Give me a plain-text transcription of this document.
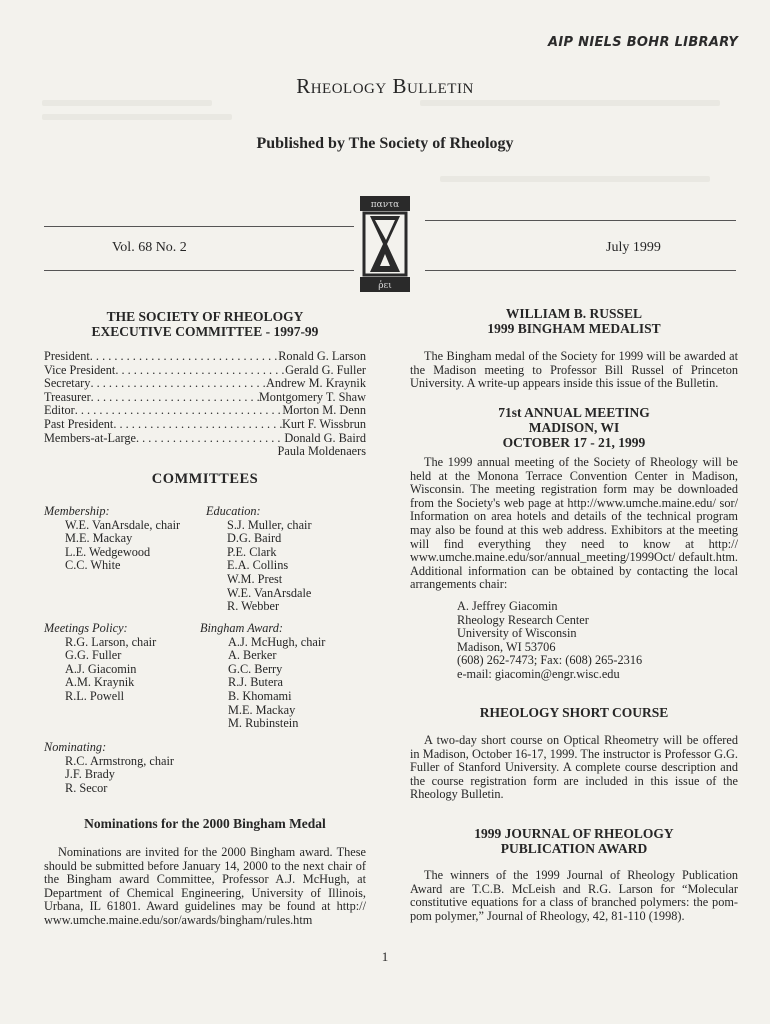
AIP NIELS BOHR LIBRARY
Rheology Bulletin
Published by The Society of Rheology
Vol. 68 No. 2	July 1999
παντα
ῥει
THE SOCIETY OF RHEOLOGY
EXECUTIVE COMMITTEE - 1997-99
President . . .	Ronald G. Larson
Vice President . . .	Gerald G. Fuller
Secretary . . .	Andrew M. Kraynik
Treasurer . . .	Montgomery T. Shaw
Editor . . .	Morton M. Denn
Past President . . .	Kurt F. Wissbrun
Members-at-Large . . .	Donald G. Baird
Paula Moldenaers
COMMITTEES
Membership:
W.E. VanArsdale, chair
M.E. Mackay
L.E. Wedgewood
C.C. White
Education:
S.J. Muller, chair
D.G. Baird
P.E. Clark
E.A. Collins
W.M. Prest
W.E. VanArsdale
R. Webber
Meetings Policy:
R.G. Larson, chair
G.G. Fuller
A.J. Giacomin
A.M. Kraynik
R.L. Powell
Bingham Award:
A.J. McHugh, chair
A. Berker
G.C. Berry
R.J. Butera
B. Khomami
M.E. Mackay
M. Rubinstein
Nominating:
R.C. Armstrong, chair
J.F. Brady
R. Secor
Nominations for the 2000 Bingham Medal
Nominations are invited for the 2000 Bingham award. These should be submitted before January 14, 2000 to the next chair of the Bingham award Committee, Professor A.J. McHugh, at Department of Chemical Engineering, University of Illinois, Urbana, IL 61801. Award guidelines may be found at http:// www.umche.maine.edu/sor/awards/bingham/rules.htm
WILLIAM B. RUSSEL
1999 BINGHAM MEDALIST
The Bingham medal of the Society for 1999 will be awarded at the Madison meeting to Professor Bill Russel of Princeton University. A write-up appears inside this issue of the Bulletin.
71st ANNUAL MEETING
MADISON, WI
OCTOBER 17 - 21, 1999
The 1999 annual meeting of the Society of Rheology will be held at the Monona Terrace Convention Center in Madison, Wisconsin. The meeting registration form may be downloaded from the Society's web page at http://www.umche.maine.edu/ sor/ Information on area hotels and details of the technical program may also be found at this web address. Exhibitors at the meeting will find everything they need to know at http:// www.umche.maine.edu/sor/annual_meeting/1999Oct/ default.htm. Additional information can be obtained by contacting the local arrangements chair:
A. Jeffrey Giacomin
Rheology Research Center
University of Wisconsin
Madison, WI 53706
(608) 262-7473; Fax: (608) 265-2316
e-mail: giacomin@engr.wisc.edu
RHEOLOGY SHORT COURSE
A two-day short course on Optical Rheometry will be offered in Madison, October 16-17, 1999. The instructor is Professor G.G. Fuller of Stanford University. A complete course description and the course registration form are included in this issue of the Rheology Bulletin.
1999 JOURNAL OF RHEOLOGY
PUBLICATION AWARD
The winners of the 1999 Journal of Rheology Publication Award are T.C.B. McLeish and R.G. Larson for “Molecular constitutive equations for a class of branched polymers: the pom-pom polymer,” Journal of Rheology, 42, 81-110 (1998).
1
